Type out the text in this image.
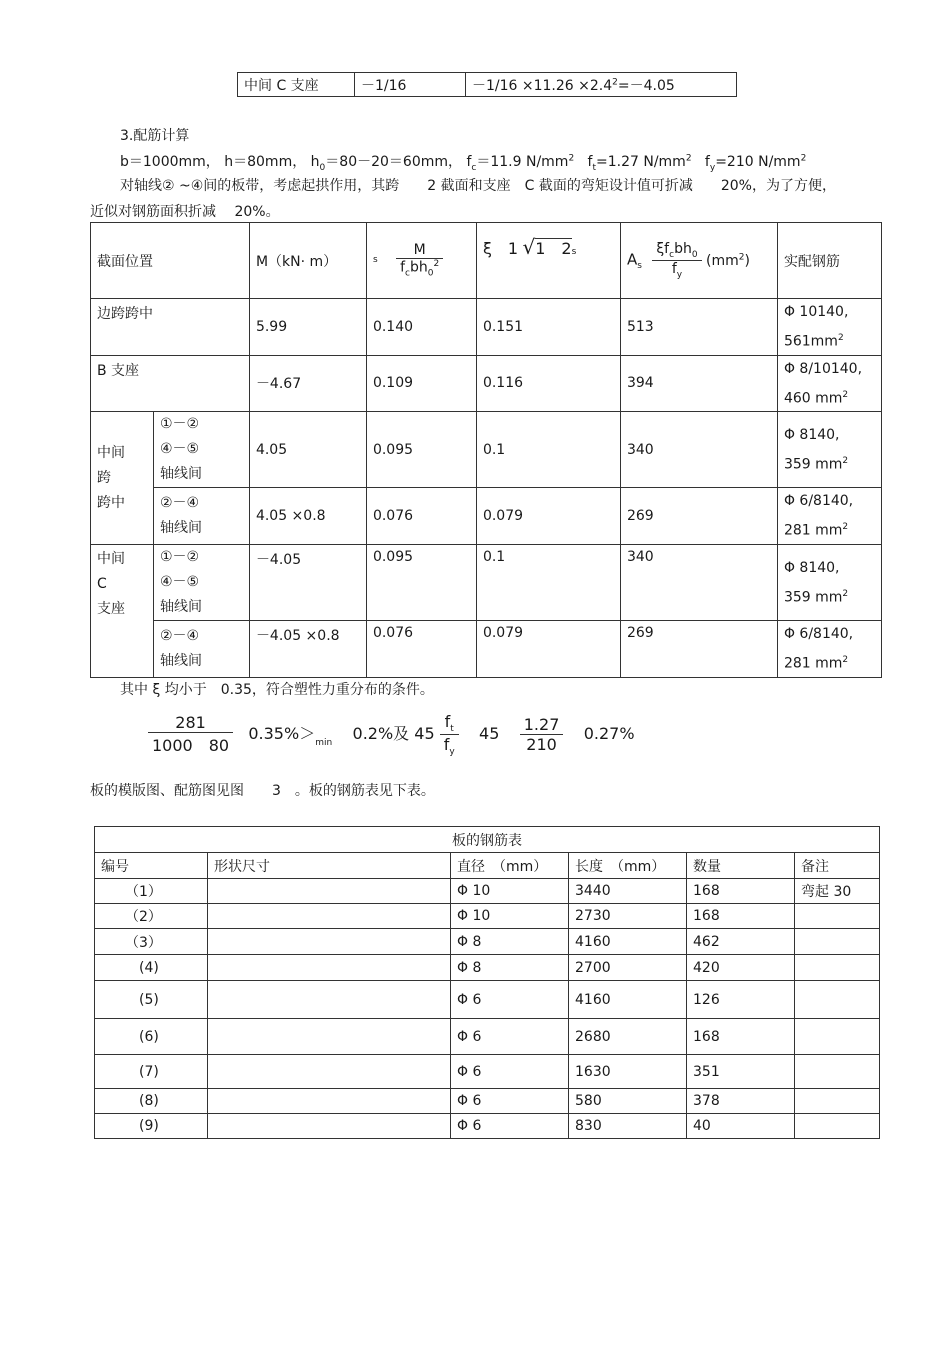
中间 C 支座	－1/16	$-1/16 \times 11.26 \times 2.4^2=-4.05$
3.配筋计算
b＝1000mm， h＝80mm， $h_0=80-20=60mm$， $f_c=11.9$ $N/mm^2$ $f_t=1.27$ $N/mm^2$ $f_y=210$ $N/mm^2$
对轴线② ~④间的板带，考虑起拱作用，其跨　　2 截面和支座　C 截面的弯矩设计值可折减　　20%，为了方便，
近似对钢筋面积折减　 20%。
截面位置		M（kN· m）	s $\frac{M}{f_cbh_0^2}$	ξ　1 √1　2s	$A_s \frac{\xi f_cbh_0}{f_y} (mm^2)$	实配钢筋
边跨跨中		5.99	0.140	0.151	513	Φ 10140,
$561mm^2$
B 支座		－4.67	0.109	0.116	394	Φ 8/10140,
460 $mm^2$
中间
跨
跨中	①－②
④－⑤
轴线间	4.05	0.095	0.1	340	Φ 8140,
359 $mm^2$
	②－④
轴线间	4.05 ×0.8	0.076	0.079	269	Φ 6/8140,
281 $mm^2$
中间
C
支座	①－②
④－⑤
轴线间	－4.05	0.095	0.1	340	Φ 8140,
359 $mm^2$
	②－④
轴线间	－4.05 ×0.8	0.076	0.079	269	Φ 6/8140,
281 $mm^2$
其中 ξ 均小于　0.35，符合塑性力重分布的条件。
$\frac{281}{1000 80} 0.35\%>_{min}$ 0.2%及 $45 \frac{f_t}{f_y} 45 \frac{1.27}{210} 0.27\%$
板的模版图、配筋图见图　　3　。板的钢筋表见下表。
板的钢筋表					
编号	形状尺寸	直径　（mm）	长度　（mm）	数量	备注
（1）		Φ 10	3440	168	弯起 30
（2）		Φ 10	2730	168	
（3）		Φ 8	4160	462	
(4)		Φ 8	2700	420	
(5)		Φ 6	4160	126	
(6)		Φ 6	2680	168	
(7)		Φ 6	1630	351	
(8)		Φ 6	580	378	
(9)		Φ 6	830	40	
